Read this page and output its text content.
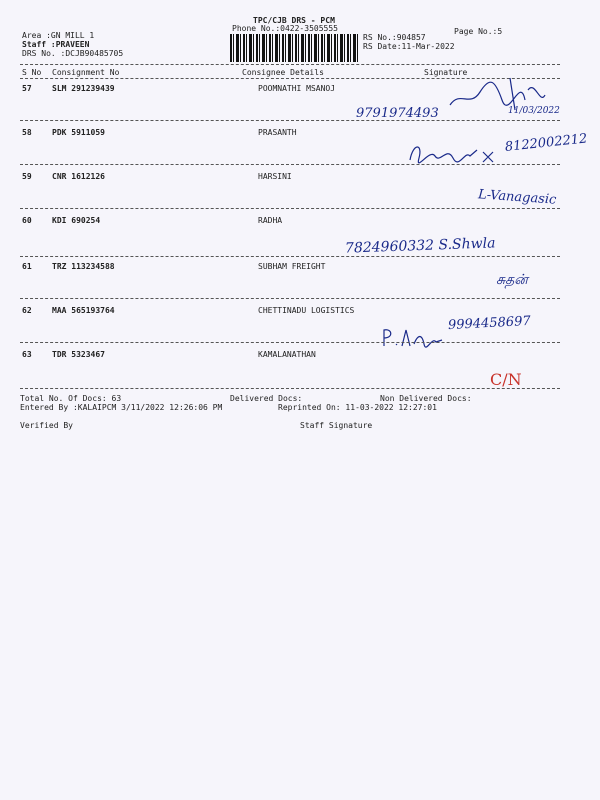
TPC/CJB DRS - PCM
Phone No.:0422-3505555	Page No.:5
Area :GN MILL 1
Staff :PRAVEEN
DRS No. :DCJB90485705
RS No.:904857
RS Date:11-Mar-2022
S No Consignment No	Consignee Details	Signature
57	SLM 291239439	POOMNATHI MSANOJ
9791974493	11/03/2022
58	PDK 5911059	PRASANTH	8122002212
59	CNR 1612126	HARSINI
L-Vanagasic
60	KDI 690254	RADHA
7824960332 S.Shwla
61	TRZ 113234588	SUBHAM FREIGHT
சுதன்
62	MAA 565193764	CHETTINADU LOGISTICS
9994458697
63	TDR 5323467	KAMALANATHAN
C/N
Total No. Of Docs: 63	Delivered Docs:	Non Delivered Docs:
Entered By :KALAIPCM 3/11/2022 12:26:06 PM	Reprinted On: 11-03-2022 12:27:01
Verified By	Staff Signature
